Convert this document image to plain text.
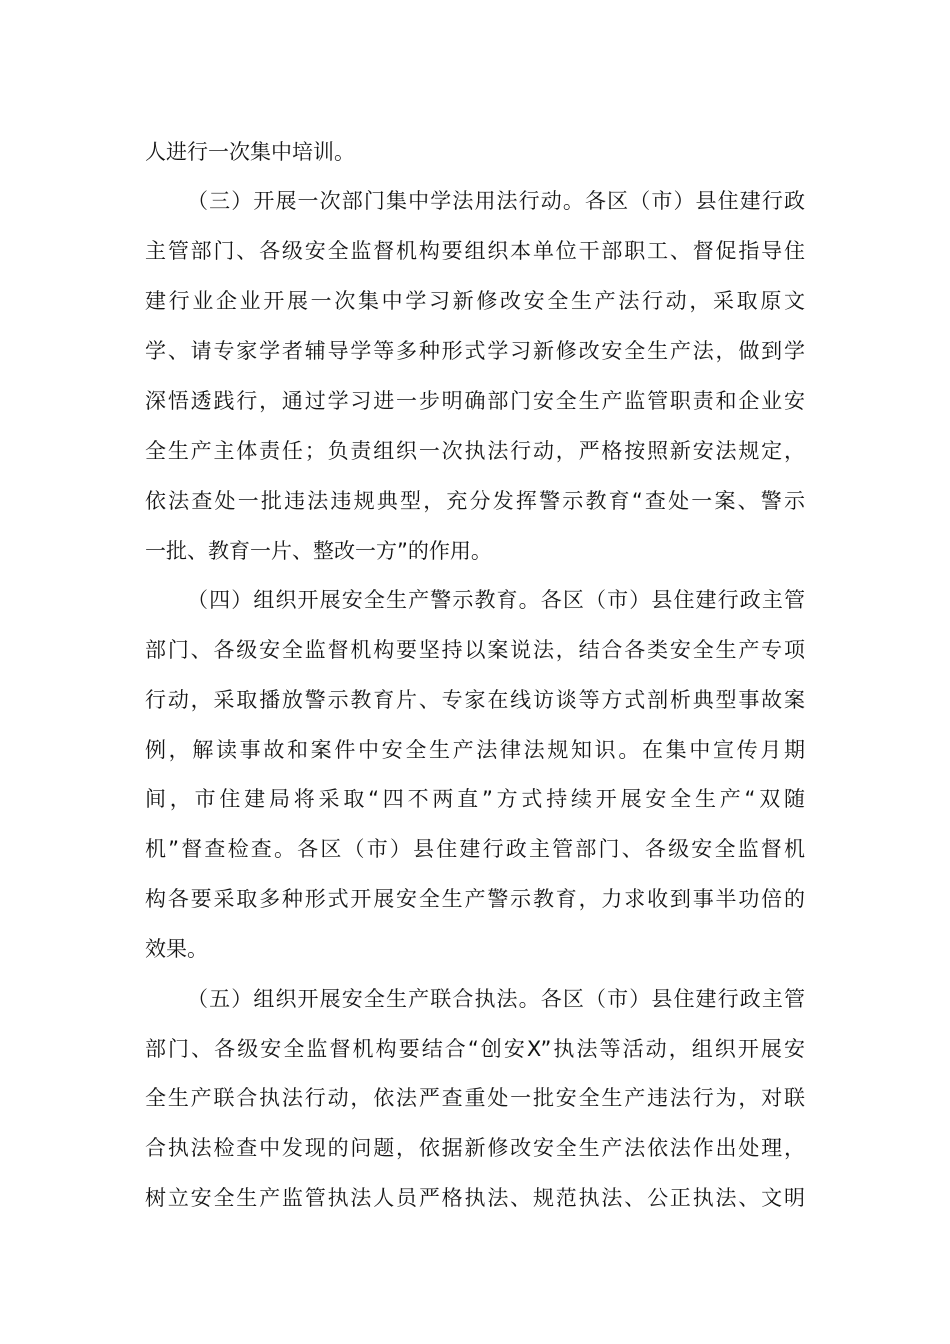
人进行一次集中培训。
（三）开展一次部门集中学法用法行动。各区（市）县住建行政
主管部门、各级安全监督机构要组织本单位干部职工、督促指导住
建行业企业开展一次集中学习新修改安全生产法行动，采取原文
学、请专家学者辅导学等多种形式学习新修改安全生产法，做到学
深悟透践行，通过学习进一步明确部门安全生产监管职责和企业安
全生产主体责任；负责组织一次执法行动，严格按照新安法规定，
依法查处一批违法违规典型，充分发挥警示教育“查处一案、警示
一批、教育一片、整改一方”的作用。
（四）组织开展安全生产警示教育。各区（市）县住建行政主管
部门、各级安全监督机构要坚持以案说法，结合各类安全生产专项
行动，采取播放警示教育片、专家在线访谈等方式剖析典型事故案
例，解读事故和案件中安全生产法律法规知识。在集中宣传月期
间，市住建局将采取“四不两直”方式持续开展安全生产“双随
机”督查检查。各区（市）县住建行政主管部门、各级安全监督机
构各要采取多种形式开展安全生产警示教育，力求收到事半功倍的
效果。
（五）组织开展安全生产联合执法。各区（市）县住建行政主管
部门、各级安全监督机构要结合“创安X”执法等活动，组织开展安
全生产联合执法行动，依法严查重处一批安全生产违法行为，对联
合执法检查中发现的问题，依据新修改安全生产法依法作出处理，
树立安全生产监管执法人员严格执法、规范执法、公正执法、文明
